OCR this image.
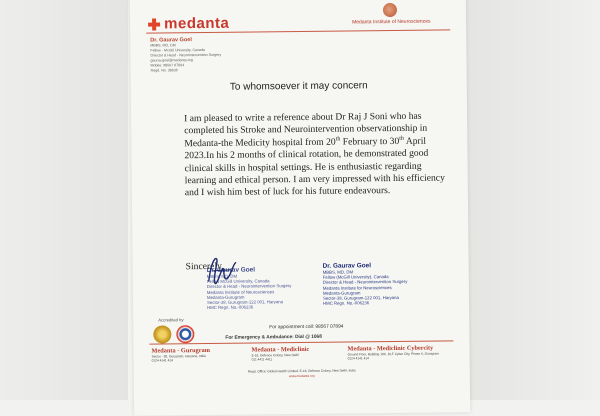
medanta	Medanta Institute of Neurosciences
Dr. Gaurav Goel
MBBS, MD, DM
Fellow - McGill University, Canada
Director & Head - Neurointervention Surgery
gaurav.goel@medanta.org
Mobile: 98567 07894
Regd. No. 38636
To whomsoever it may concern
I am pleased to write a reference about Dr Raj J Soni who has completed his Stroke and Neurointervention observationship in Medanta-the Medicity hospital from 20th February to 30th April 2023.In his 2 months of clinical rotation, he demonstrated good clinical skills in hospital settings. He is enthusiastic regarding learning and ethical person. I am very impressed with his efficiency and I wish him best of luck for his future endeavours.
Sincerely,
Dr. Gaurav Goel
MBBS, MD, DM
Fellow McGill University, Canada
Director & Head - Neurointervention Surgery
Medanta Institute of Neurosciences
Medanta-Gurugram
Sector-38, Gurugram-122 001, Haryana
HMC Regn. No.-006236
Dr. Gaurav Goel
MBBS, MD, DM
Fellow (McGill University), Canada
Director & Head - Neurointervention Surgery
Medanta Institute for Neurosciences
Medanta-Gurugram
Sector-38, Gurugram-122 001, Haryana
HMC Regn. No.-006236
Accredited by
For appointment call: 98567 07894
For Emergency & Ambulance: Dial @ 1068
Medanta - Gurugram
Sector - 38, Gurugram, Haryana, India
0124 4141 414
Medanta - Mediclinic
E-18, Defence Colony, New Delhi
011 4411 4411
Medanta - Mediclinic Cybercity
Ground Floor, Building 10C, DLF Cyber City, Phase II, Gurugram
0124 4141 414
Regd. Office: Global Health Limited, E-18, Defence Colony, New Delhi, India
www.medanta.org
